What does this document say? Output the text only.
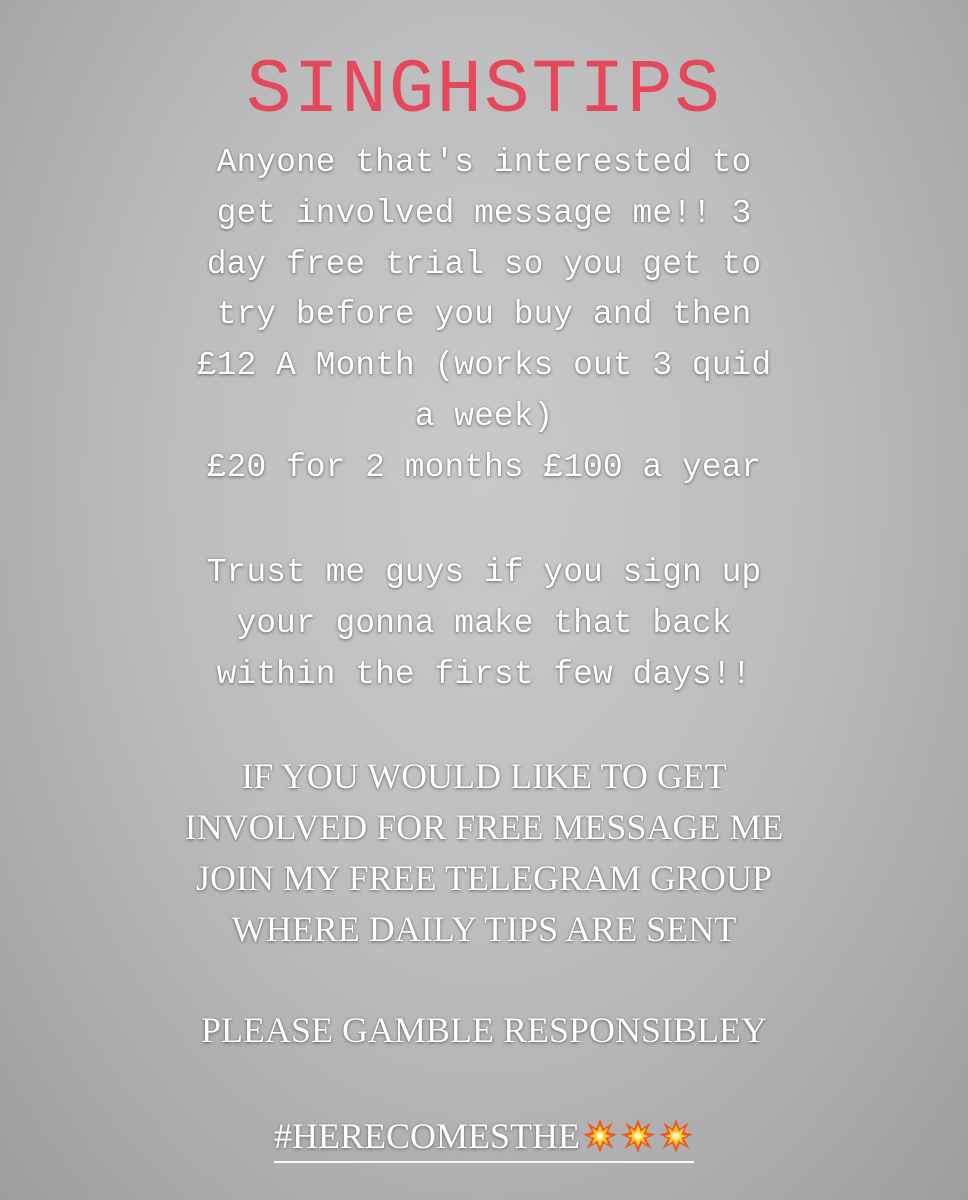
SINGHSTIPS
Anyone that's interested to
get involved message me!! 3
day free trial so you get to
try before you buy and then
£12 A Month (works out 3 quid
a week)
£20 for 2 months £100 a year
Trust me guys if you sign up
your gonna make that back
within the first few days!!
IF YOU WOULD LIKE TO GET
INVOLVED FOR FREE MESSAGE ME
JOIN MY FREE TELEGRAM GROUP
WHERE DAILY TIPS ARE SENT
PLEASE GAMBLE RESPONSIBLEY
#HERECOMESTHE
